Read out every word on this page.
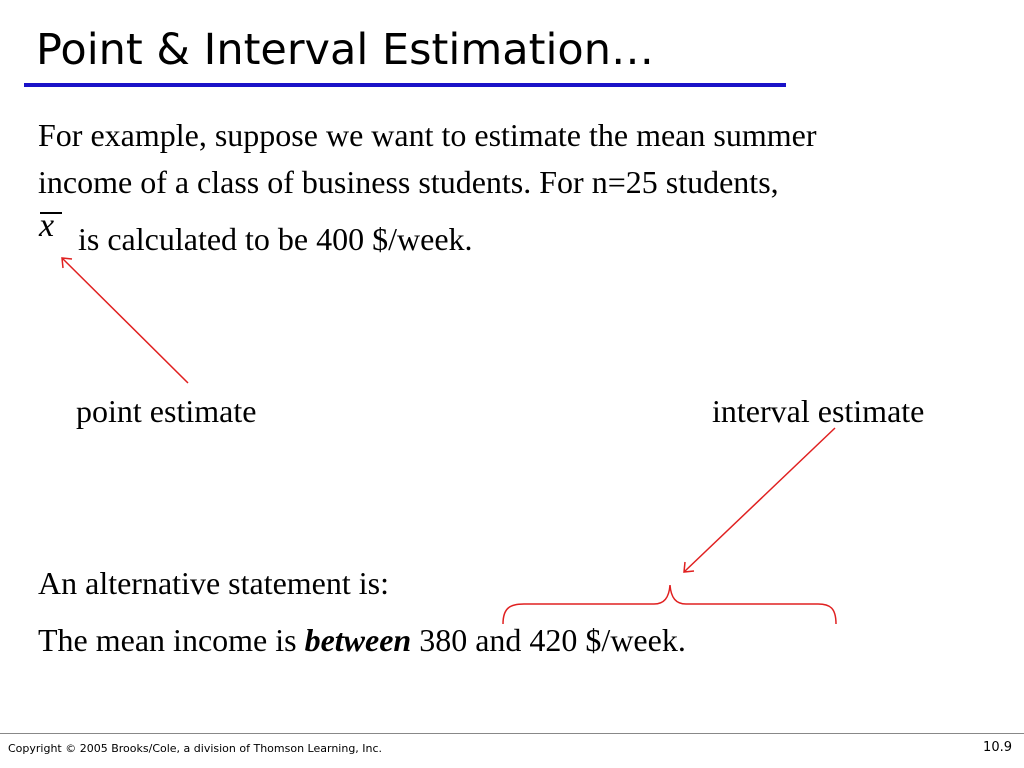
Point & Interval Estimation…
For example, suppose we want to estimate the mean summer
income of a class of business students. For n=25 students,
x is calculated to be 400 $/week.
point estimate	interval estimate
An alternative statement is:
The mean income is between 380 and 420 $/week.
Copyright © 2005 Brooks/Cole, a division of Thomson Learning, Inc.	10.9
